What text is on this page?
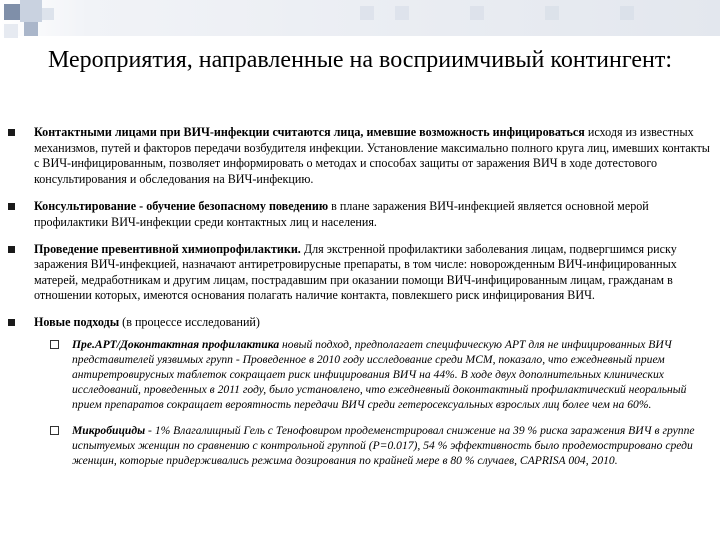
Мероприятия, направленные на восприимчивый контингент:
Контактными лицами при ВИЧ-инфекции считаются лица, имевшие возможность инфицироваться исходя из известных механизмов, путей и факторов передачи возбудителя инфекции. Установление максимально полного круга лиц, имевших контакты с ВИЧ-инфицированным, позволяет информировать о методах и способах защиты от заражения ВИЧ в ходе дотестового консультирования и обследования на ВИЧ-инфекцию.
Консультирование - обучение безопасному поведению в плане заражения ВИЧ-инфекцией является основной мерой профилактики ВИЧ-инфекции среди контактных лиц и населения.
Проведение превентивной химиопрофилактики. Для экстренной профилактики заболевания лицам, подвергшимся риску заражения ВИЧ-инфекцией, назначают антиретровирусные препараты, в том числе: новорожденным ВИЧ-инфицированных матерей, медработникам и другим лицам, пострадавшим при оказании помощи ВИЧ-инфицированным лицам, гражданам в отношении которых, имеются основания полагать наличие контакта, повлекшего риск инфицирования ВИЧ.
Новые подходы (в процессе исследований)
Пре.АРТ/Доконтактная профилактика новый подход, предполагает специфическую АРТ для не инфицированных ВИЧ представителей уязвимых групп - Проведенное в 2010 году исследование среди МСМ, показало, что ежедневный прием антиретровирусных таблеток сокращает риск инфицирования ВИЧ на 44%. В ходе двух дополнительных клинических исследований, проведенных в 2011 году, было установлено, что ежедневный доконтактный профилактический неоральный прием препаратов сокращает вероятность передачи ВИЧ среди гетеросексуальных взрослых лиц более чем на 60%.
Микробициды - 1% Влагалищный Гель с Тенофовиром продеменстрировал снижение на 39 % риска заражения ВИЧ в группе испытуемых женщин по сравнению с контрольной группой (P=0.017), 54 % эффективность было продемострировано среди женщин, которые придерживались режима дозирования по крайней мере в 80 % случаев, CAPRISA 004, 2010.
